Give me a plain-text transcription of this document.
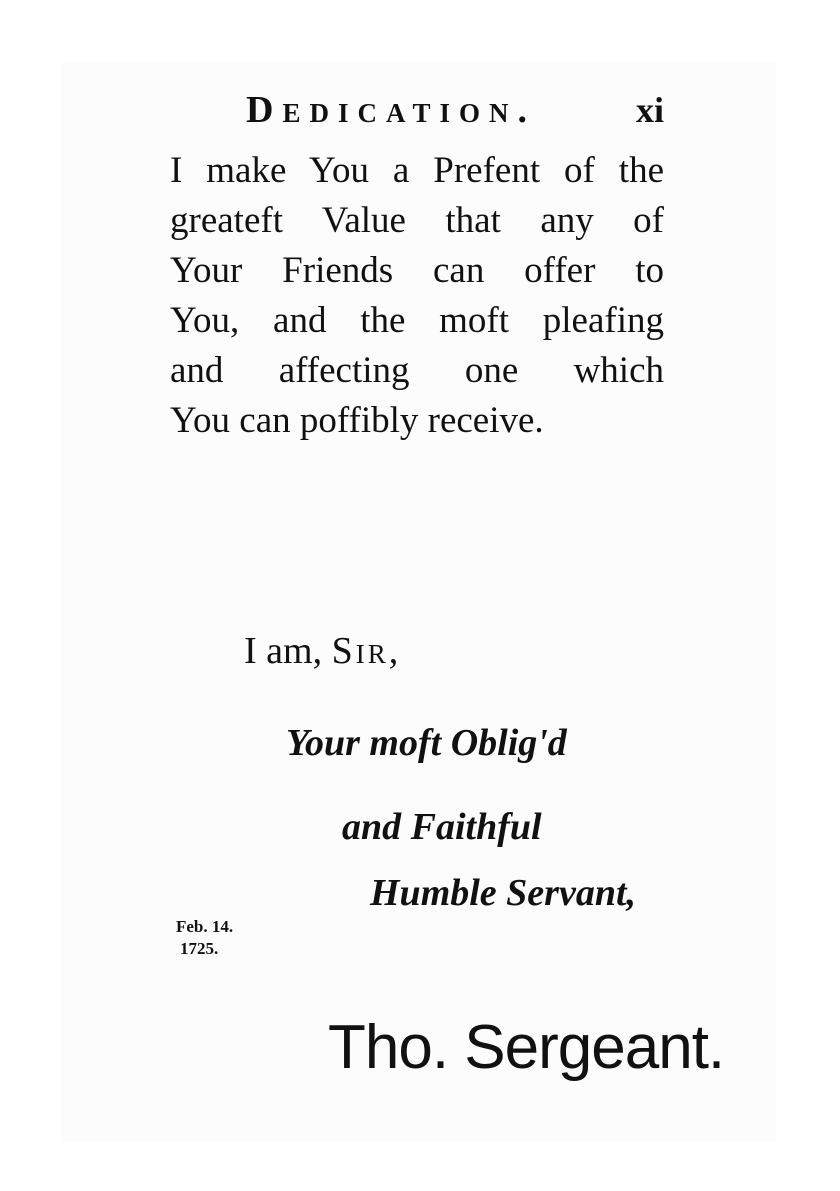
Dedication.	xi
I make You a Prefent of the
greateft Value that any of
Your Friends can offer to
You, and the moft pleafing
and affecting one which
You can poffibly receive.
I am, Sir,
Your moft Oblig'd
and Faithful
Humble Servant,
Feb. 14.
1725.
Tho. Sergeant.
